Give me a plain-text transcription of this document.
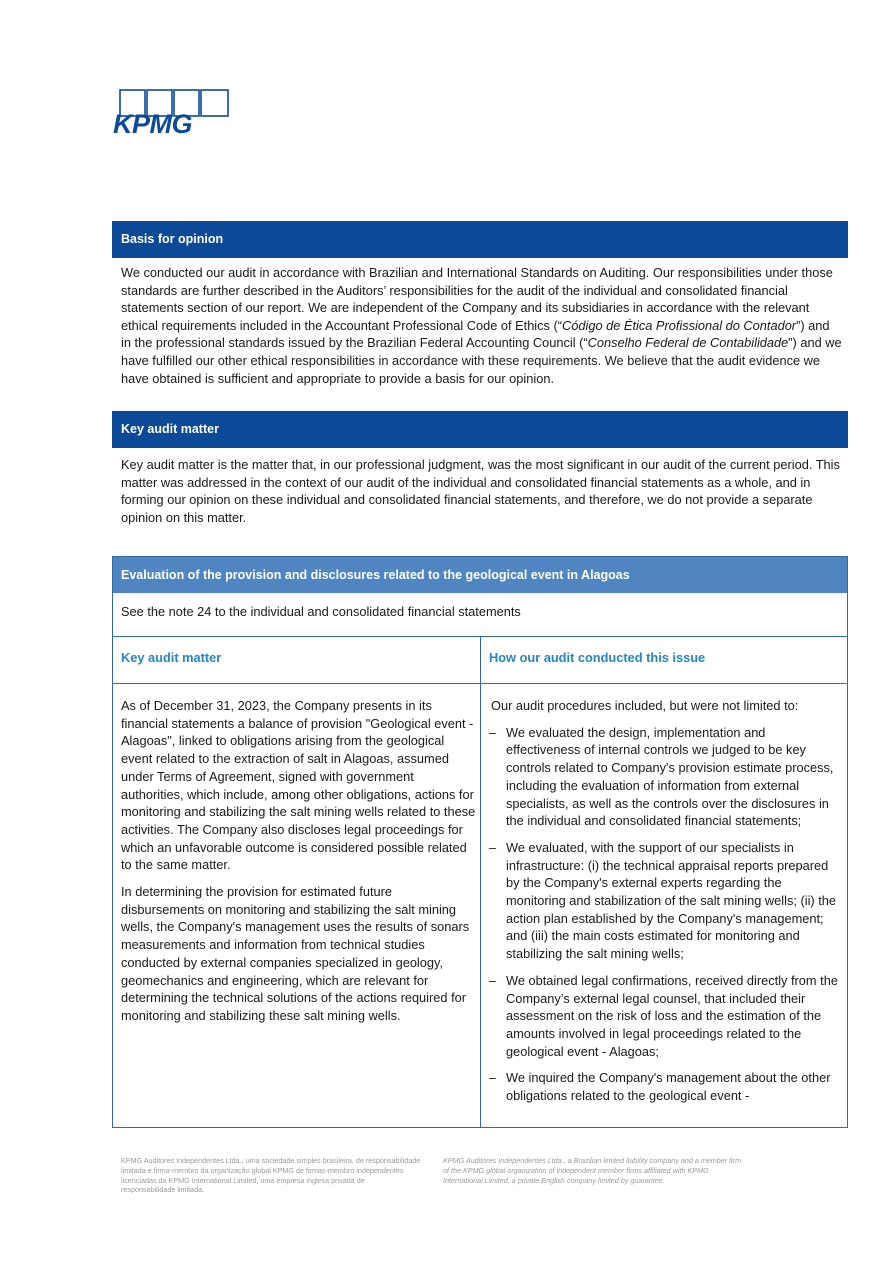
KPMG
Basis for opinion

We conducted our audit in accordance with Brazilian and International Standards on Auditing. Our responsibilities under those standards are further described in the Auditors’ responsibilities for the audit of the individual and consolidated financial statements section of our report. We are independent of the Company and its subsidiaries in accordance with the relevant ethical requirements included in the Accountant Professional Code of Ethics (“Código de Ética Profissional do Contador”) and in the professional standards issued by the Brazilian Federal Accounting Council (“Conselho Federal de Contabilidade”) and we have fulfilled our other ethical responsibilities in accordance with these requirements. We believe that the audit evidence we have obtained is sufficient and appropriate to provide a basis for our opinion.

Key audit matter

Key audit matter is the matter that, in our professional judgment, was the most significant in our audit of the current period. This matter was addressed in the context of our audit of the individual and consolidated financial statements as a whole, and in forming our opinion on these individual and consolidated financial statements, and therefore, we do not provide a separate opinion on this matter.

Evaluation of the provision and disclosures related to the geological event in Alagoas
See the note 24 to the individual and consolidated financial statements
Key audit matter	How our audit conducted this issue

As of December 31, 2023, the Company presents in its financial statements a balance of provision "Geological event - Alagoas", linked to obligations arising from the geological event related to the extraction of salt in Alagoas, assumed under Terms of Agreement, signed with government authorities, which include, among other obligations, actions for monitoring and stabilizing the salt mining wells related to these activities. The Company also discloses legal proceedings for which an unfavorable outcome is considered possible related to the same matter.

In determining the provision for estimated future disbursements on monitoring and stabilizing the salt mining wells, the Company's management uses the results of sonars measurements and information from technical studies conducted by external companies specialized in geology, geomechanics and engineering, which are relevant for determining the technical solutions of the actions required for monitoring and stabilizing these salt mining wells.

Our audit procedures included, but were not limited to:

– We evaluated the design, implementation and effectiveness of internal controls we judged to be key controls related to Company's provision estimate process, including the evaluation of information from external specialists, as well as the controls over the disclosures in the individual and consolidated financial statements;
– We evaluated, with the support of our specialists in infrastructure: (i) the technical appraisal reports prepared by the Company's external experts regarding the monitoring and stabilization of the salt mining wells; (ii) the action plan established by the Company's management; and (iii) the main costs estimated for monitoring and stabilizing the salt mining wells;
– We obtained legal confirmations, received directly from the Company’s external legal counsel, that included their assessment on the risk of loss and the estimation of the amounts involved in legal proceedings related to the geological event - Alagoas;
– We inquired the Company's management about the other obligations related to the geological event -
KPMG Auditores Independentes Ltda., uma sociedade simples brasileira, de responsabilidade limitada e firma-membro da organização global KPMG de firmas-membro independentes licenciadas da KPMG International Limited, uma empresa inglesa privada de responsabilidade limitada.
KPMG Auditores Independentes Ltda., a Brazilian limited liability company and a member firm of the KPMG global organization of independent member firms affiliated with KPMG International Limited, a private English company limited by guarantee.
